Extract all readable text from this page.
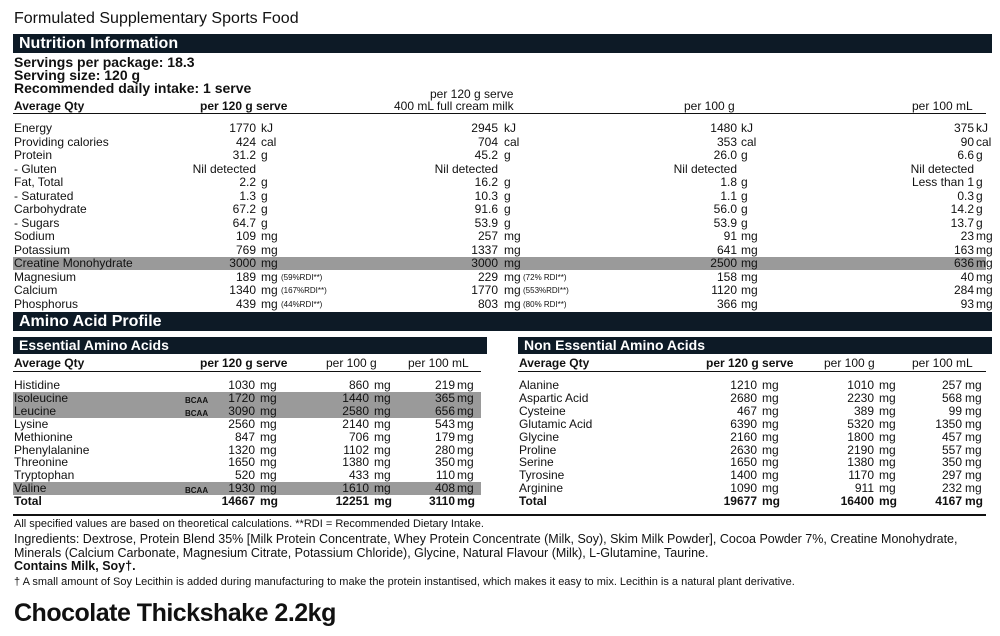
Formulated Supplementary Sports Food
Nutrition Information
Servings per package: 18.3
Serving size: 120 g
Recommended daily intake: 1 serve
Average Qty	per 120 g serve
per 120 g serve
400 mL full cream milk	per 100 g	per 100 mL
Energy	1770 kJ	2945 kJ	1480 kJ	375 kJ
Providing calories	424 cal	704 cal	353 cal	90 cal
Protein	31.2 g	45.2 g	26.0 g	6.6 g
- Gluten	Nil detected	Nil detected	Nil detected	Nil detected
Fat, Total	2.2 g	16.2 g	1.8 g	Less than 1 g
- Saturated	1.3 g	10.3 g	1.1 g	0.3 g
Carbohydrate	67.2 g	91.6 g	56.0 g	14.2 g
- Sugars	64.7 g	53.9 g	53.9 g	13.7 g
Sodium	109 mg	257 mg	91 mg	23 mg
Potassium	769 mg	1337 mg	641 mg	163 mg
Creatine Monohydrate	3000 mg	3000 mg	2500 mg	636 mg
Magnesium	189 mg (59%RDI**)	229 mg (72% RDI**)	158 mg	40 mg
Calcium	1340 mg (167%RDI**)	1770 mg (553%RDI**)	1120 mg	284 mg
Phosphorus	439 mg (44%RDI**)	803 mg (80% RDI**)	366 mg	93 mg
Amino Acid Profile
Essential Amino Acids	Non Essential Amino Acids
Average Qty	per 120 g serve	per 100 g	per 100 mL	Average Qty	per 120 g serve	per 100 g	per 100 mL
Histidine	1030 mg	860 mg	219 mg
Isoleucine	BCAA 1720 mg	1440 mg	365 mg
Leucine	BCAA 3090 mg	2580 mg	656 mg
Lysine	2560 mg	2140 mg	543 mg
Methionine	847 mg	706 mg	179 mg
Phenylalanine	1320 mg	1102 mg	280 mg
Threonine	1650 mg	1380 mg	350 mg
Tryptophan	520 mg	433 mg	110 mg
Valine	BCAA 1930 mg	1610 mg	408 mg
Total	14667 mg	12251 mg	3110 mg
Alanine	1210 mg	1010 mg	257 mg
Aspartic Acid	2680 mg	2230 mg	568 mg
Cysteine	467 mg	389 mg	99 mg
Glutamic Acid	6390 mg	5320 mg	1350 mg
Glycine	2160 mg	1800 mg	457 mg
Proline	2630 mg	2190 mg	557 mg
Serine	1650 mg	1380 mg	350 mg
Tyrosine	1400 mg	1170 mg	297 mg
Arginine	1090 mg	911 mg	232 mg
Total	19677 mg	16400 mg	4167 mg
All specified values are based on theoretical calculations. **RDI = Recommended Dietary Intake.
Ingredients: Dextrose, Protein Blend 35% [Milk Protein Concentrate, Whey Protein Concentrate (Milk, Soy), Skim Milk Powder], Cocoa Powder 7%, Creatine Monohydrate,
Minerals (Calcium Carbonate, Magnesium Citrate, Potassium Chloride), Glycine, Natural Flavour (Milk), L-Glutamine, Taurine.
Contains Milk, Soy†.
† A small amount of Soy Lecithin is added during manufacturing to make the protein instantised, which makes it easy to mix. Lecithin is a natural plant derivative.
Chocolate Thickshake 2.2kg
